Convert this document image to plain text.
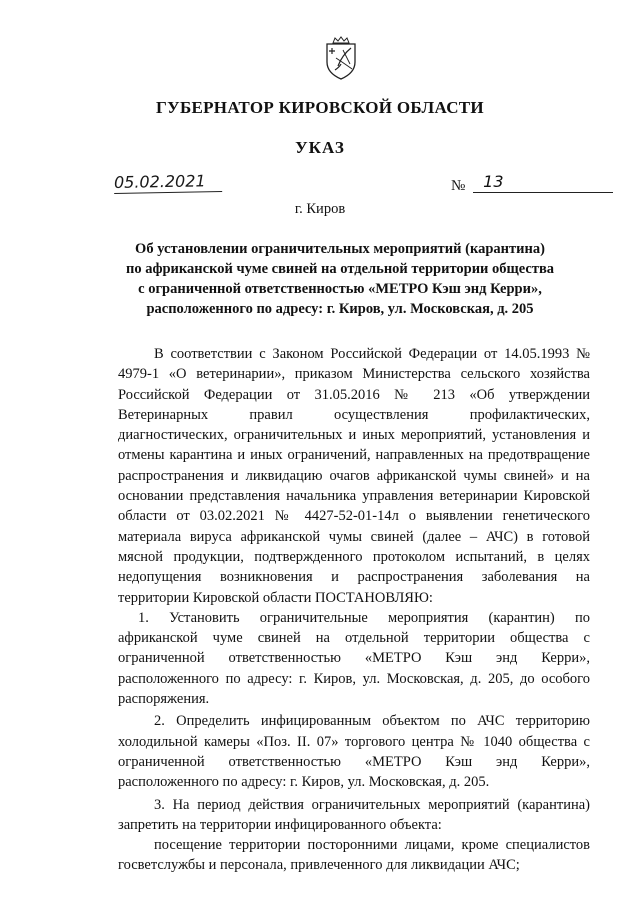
ГУБЕРНАТОР КИРОВСКОЙ ОБЛАСТИ
УКАЗ
05.02.2021	№	13
г. Киров
Об установлении ограничительных мероприятий (карантина)
по африканской чуме свиней на отдельной территории общества
с ограниченной ответственностью «МЕТРО Кэш энд Керри»,
расположенного по адресу: г. Киров, ул. Московская, д. 205

В соответствии с Законом Российской Федерации от 14.05.1993 № 4979-1 «О ветеринарии», приказом Министерства сельского хозяйства Российской Федерации от 31.05.2016 № 213 «Об утверждении Ветеринарных правил осуществления профилактических, диагностических, ограничительных и иных мероприятий, установления и отмены карантина и иных ограничений, направленных на предотвращение распространения и ликвидацию очагов африканской чумы свиней» и на основании представления начальника управления ветеринарии Кировской области от 03.02.2021 № 4427-52-01-14л о выявлении генетического материала вируса африканской чумы свиней (далее – АЧС) в готовой мясной продукции, подтвержденного протоколом испытаний, в целях недопущения возникновения и распространения заболевания на территории Кировской области ПОСТАНОВЛЯЮ:

1. Установить ограничительные мероприятия (карантин) по африканской чуме свиней на отдельной территории общества с ограниченной ответственностью «МЕТРО Кэш энд Керри», расположенного по адресу: г. Киров, ул. Московская, д. 205, до особого распоряжения.

2. Определить инфицированным объектом по АЧС территорию холодильной камеры «Поз. II. 07» торгового центра № 1040 общества с ограниченной ответственностью «МЕТРО Кэш энд Керри», расположенного по адресу: г. Киров, ул. Московская, д. 205.

3. На период действия ограничительных мероприятий (карантина) запретить на территории инфицированного объекта:

посещение территории посторонними лицами, кроме специалистов госветслужбы и персонала, привлеченного для ликвидации АЧС;
